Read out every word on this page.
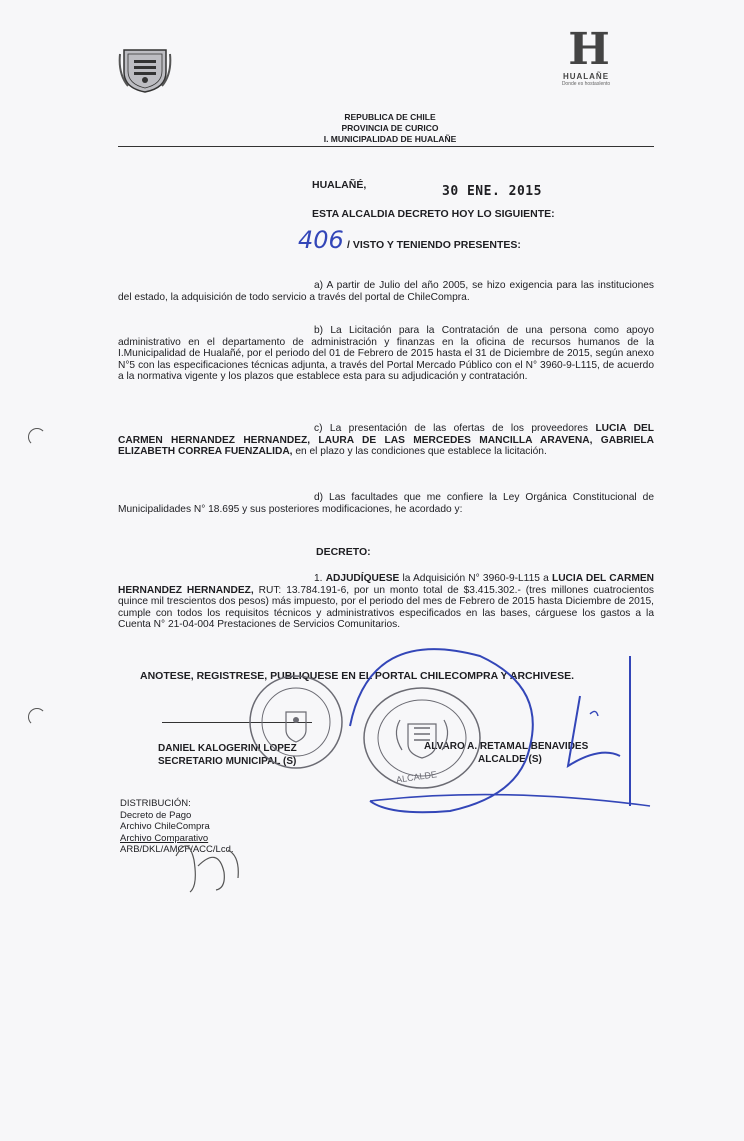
H
HUALAÑE
Donde es hostaslento
REPUBLICA DE CHILE
PROVINCIA DE CURICO
I. MUNICIPALIDAD DE HUALAÑE
HUALAÑÉ,	30 ENE. 2015
ESTA ALCALDIA DECRETO HOY LO SIGUIENTE:
406 / VISTO Y TENIENDO PRESENTES:
a) A partir de Julio del año 2005, se hizo exigencia para las instituciones del estado, la adquisición de todo servicio a través del portal de ChileCompra.
b) La Licitación para la Contratación de una persona como apoyo administrativo en el departamento de administración y finanzas en la oficina de recursos humanos de la I.Municipalidad de Hualañé, por el periodo del 01 de Febrero de 2015 hasta el 31 de Diciembre de 2015, según anexo N°5 con las especificaciones técnicas adjunta, a través del Portal Mercado Público con el N° 3960-9-L115, de acuerdo a la normativa vigente y los plazos que establece esta para su adjudicación y contratación.
c) La presentación de las ofertas de los proveedores LUCIA DEL CARMEN HERNANDEZ HERNANDEZ, LAURA DE LAS MERCEDES MANCILLA ARAVENA, GABRIELA ELIZABETH CORREA FUENZALIDA, en el plazo y las condiciones que establece la licitación.
d) Las facultades que me confiere la Ley Orgánica Constitucional de Municipalidades N° 18.695 y sus posteriores modificaciones, he acordado y:
DECRETO:
1. ADJUDÍQUESE la Adquisición N° 3960-9-L115 a LUCIA DEL CARMEN HERNANDEZ HERNANDEZ, RUT: 13.784.191-6, por un monto total de $3.415.302.- (tres millones cuatrocientos quince mil trescientos dos pesos) más impuesto, por el periodo del mes de Febrero de 2015 hasta Diciembre de 2015, cumple con todos los requisitos técnicos y administrativos especificados en las bases, cárguese los gastos a la Cuenta N° 21-04-004 Prestaciones de Servicios Comunitarios.
ANOTESE, REGISTRESE, PUBLIQUESE EN EL PORTAL CHILECOMPRA Y ARCHIVESE.
DANIEL KALOGERINI LOPEZ
SECRETARIO MUNICIPAL (S)
ALVARO A. RETAMAL BENAVIDES
ALCALDE (S)
ALCALDE
DISTRIBUCIÓN:
Decreto de Pago
Archivo ChileCompra
Archivo Comparativo
ARB/DKL/AMCF/ACC/Lcd.
